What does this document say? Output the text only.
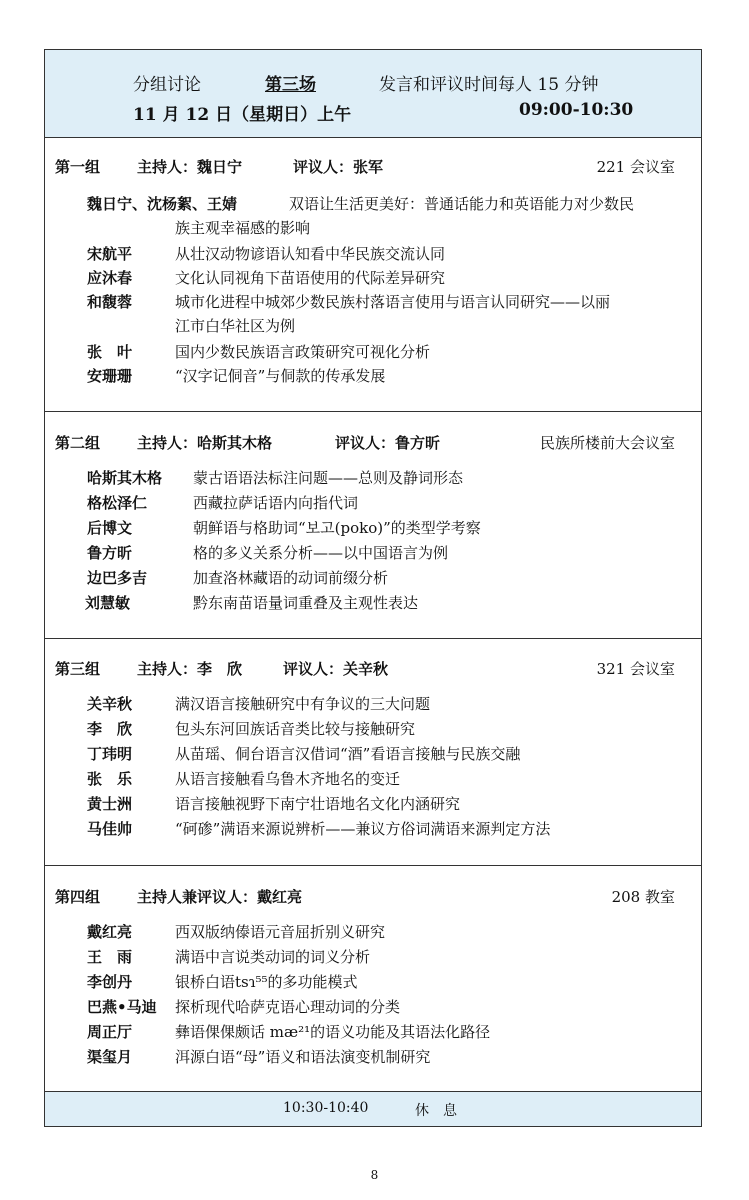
分组讨论	第三场	发言和评议时间每人 15 分钟
11 月 12 日（星期日）上午	09:00-10:30
第一组 主持人：魏日宁	评议人：张军	221 会议室
魏日宁、沈杨絮、王婧	双语让生活更美好：普通话能力和英语能力对少数民
族主观幸福感的影响
宋航平	从壮汉动物谚语认知看中华民族交流认同
应沐春	文化认同视角下苗语使用的代际差异研究
和馥蓉	城市化进程中城郊少数民族村落语言使用与语言认同研究——以丽
江市白华社区为例
张　叶	国内少数民族语言政策研究可视化分析
安珊珊	“汉字记侗音”与侗款的传承发展
第二组 主持人：哈斯其木格	评议人：鲁方昕	民族所楼前大会议室
哈斯其木格 蒙古语语法标注问题——总则及静词形态
格松泽仁	西藏拉萨话语内向指代词
后博文	朝鲜语与格助词“보고(poko)”的类型学考察
鲁方昕	格的多义关系分析——以中国语言为例
边巴多吉	加查洛林藏语的动词前缀分析
刘慧敏	黔东南苗语量词重叠及主观性表达
第三组 主持人：李　欣	评议人：关辛秋	321 会议室
关辛秋	满汉语言接触研究中有争议的三大问题
李　欣	包头东河回族话音类比较与接触研究
丁玮明	从苗瑶、侗台语言汉借词“酒”看语言接触与民族交融
张　乐	从语言接触看乌鲁木齐地名的变迁
黄士洲	语言接触视野下南宁壮语地名文化内涵研究
马佳帅	“砢碜”满语来源说辨析——兼议方俗词满语来源判定方法
第四组 主持人兼评议人：戴红亮	208 教室
戴红亮	西双版纳傣语元音屈折别义研究
王　雨	满语中言说类动词的词义分析
李创丹	银桥白语tsɿ⁵⁵的多功能模式
巴燕•马迪 探析现代哈萨克语心理动词的分类
周正厅	彝语倮倮颇话 mæ²¹的语义功能及其语法化路径
渠玺月	洱源白语“母”语义和语法演变机制研究
10:30-10:40	休　息
8
